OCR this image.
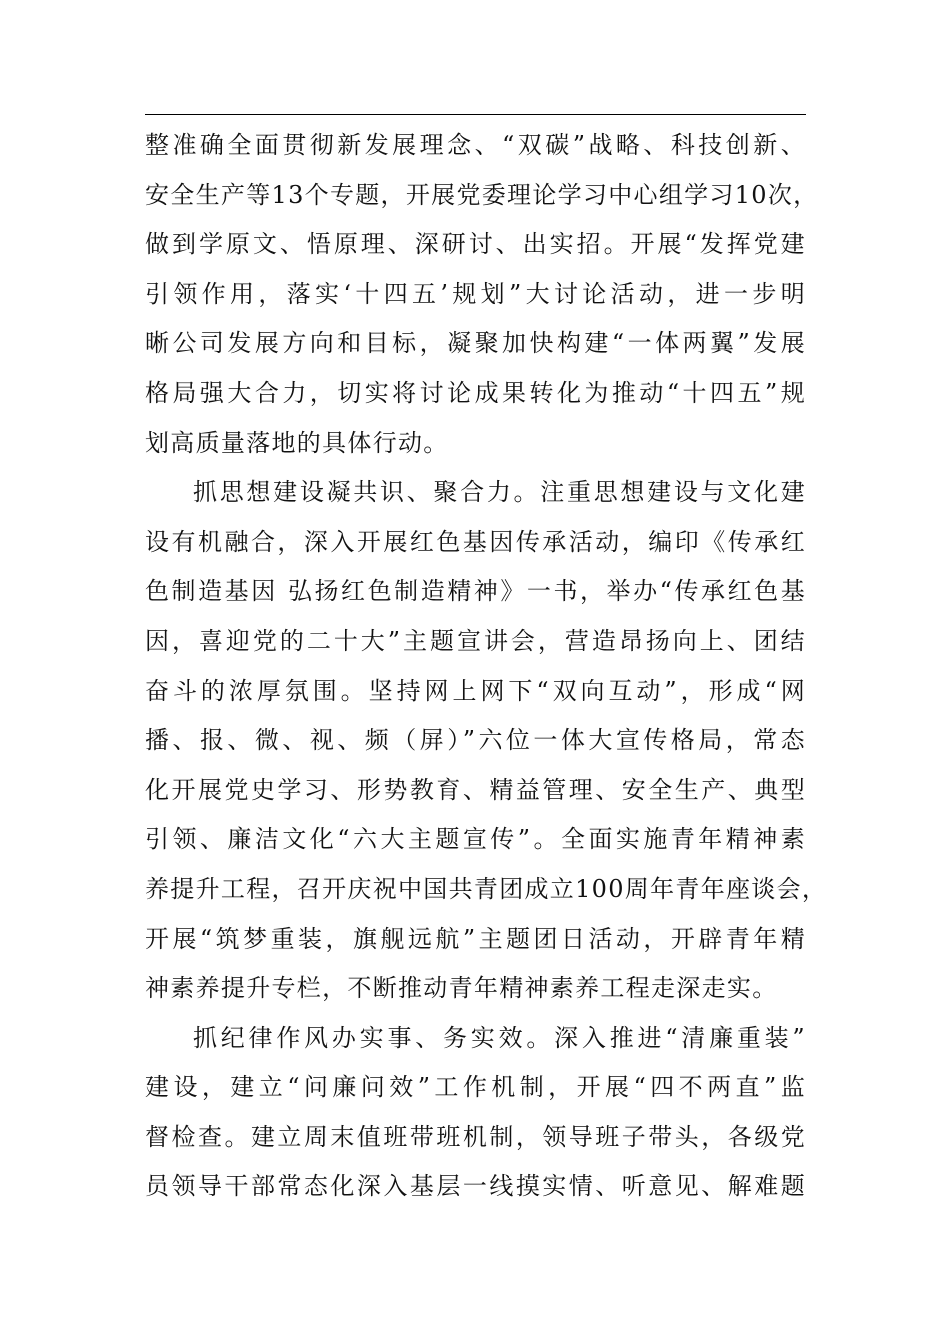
整准确全面贯彻新发展理念、“双碳”战略、科技创新、
安全生产等13个专题，开展党委理论学习中心组学习10次，
做到学原文、悟原理、深研讨、出实招。开展“发挥党建
引领作用，落实‘十四五’规划”大讨论活动，进一步明
晰公司发展方向和目标，凝聚加快构建“一体两翼”发展
格局强大合力，切实将讨论成果转化为推动“十四五”规
划高质量落地的具体行动。
抓思想建设凝共识、聚合力。注重思想建设与文化建
设有机融合，深入开展红色基因传承活动，编印《传承红
色制造基因 弘扬红色制造精神》一书，举办“传承红色基
因，喜迎党的二十大”主题宣讲会，营造昂扬向上、团结
奋斗的浓厚氛围。坚持网上网下“双向互动”，形成“网
播、报、微、视、频（屏）”六位一体大宣传格局，常态
化开展党史学习、形势教育、精益管理、安全生产、典型
引领、廉洁文化“六大主题宣传”。全面实施青年精神素
养提升工程，召开庆祝中国共青团成立100周年青年座谈会，
开展“筑梦重装，旗舰远航”主题团日活动，开辟青年精
神素养提升专栏，不断推动青年精神素养工程走深走实。
抓纪律作风办实事、务实效。深入推进“清廉重装”
建设，建立“问廉问效”工作机制，开展“四不两直”监
督检查。建立周末值班带班机制，领导班子带头，各级党
员领导干部常态化深入基层一线摸实情、听意见、解难题
